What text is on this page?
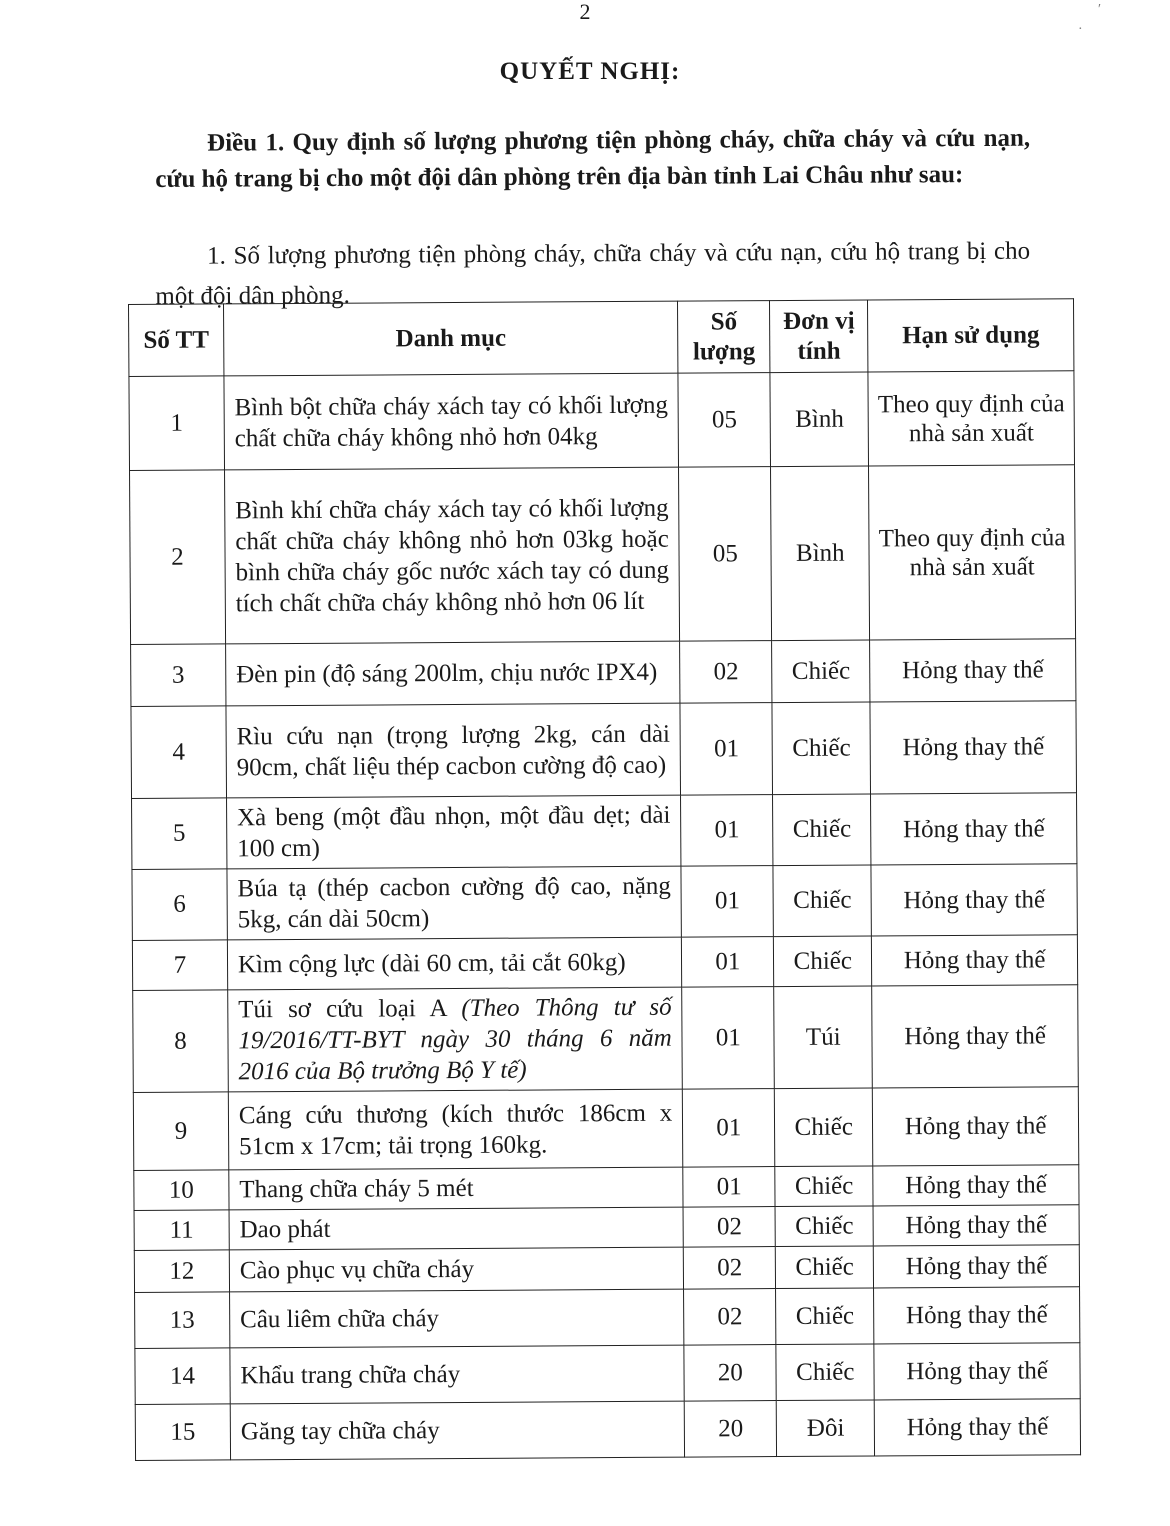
2
QUYẾT NGHỊ:
Điều 1. Quy định số lượng phương tiện phòng cháy, chữa cháy và cứu nạn, cứu hộ trang bị cho một đội dân phòng trên địa bàn tỉnh Lai Châu như sau:
1. Số lượng phương tiện phòng cháy, chữa cháy và cứu nạn, cứu hộ trang bị cho một đội dân phòng.
Số TT	Danh mục	Số lượng	Đơn vị tính	Hạn sử dụng
1	Bình bột chữa cháy xách tay có khối lượng chất chữa cháy không nhỏ hơn 04kg	05	Bình	Theo quy định của nhà sản xuất
2	Bình khí chữa cháy xách tay có khối lượng chất chữa cháy không nhỏ hơn 03kg hoặc bình chữa cháy gốc nước xách tay có dung tích chất chữa cháy không nhỏ hơn 06 lít	05	Bình	Theo quy định của nhà sản xuất
3	Đèn pin (độ sáng 200lm, chịu nước IPX4)	02	Chiếc	Hỏng thay thế
4	Rìu cứu nạn (trọng lượng 2kg, cán dài 90cm, chất liệu thép cacbon cường độ cao)	01	Chiếc	Hỏng thay thế
5	Xà beng (một đầu nhọn, một đầu dẹt; dài 100 cm)	01	Chiếc	Hỏng thay thế
6	Búa tạ (thép cacbon cường độ cao, nặng 5kg, cán dài 50cm)	01	Chiếc	Hỏng thay thế
7	Kìm cộng lực (dài 60 cm, tải cắt 60kg)	01	Chiếc	Hỏng thay thế
8	Túi sơ cứu loại A (Theo Thông tư số 19/2016/TT-BYT ngày 30 tháng 6 năm 2016 của Bộ trưởng Bộ Y tế)	01	Túi	Hỏng thay thế
9	Cáng cứu thương (kích thước 186cm x 51cm x 17cm; tải trọng 160kg.	01	Chiếc	Hỏng thay thế
10	Thang chữa cháy 5 mét	01	Chiếc	Hỏng thay thế
11	Dao phát	02	Chiếc	Hỏng thay thế
12	Cào phục vụ chữa cháy	02	Chiếc	Hỏng thay thế
13	Câu liêm chữa cháy	02	Chiếc	Hỏng thay thế
14	Khẩu trang chữa cháy	20	Chiếc	Hỏng thay thế
15	Găng tay chữa cháy	20	Đôi	Hỏng thay thế
′
·
